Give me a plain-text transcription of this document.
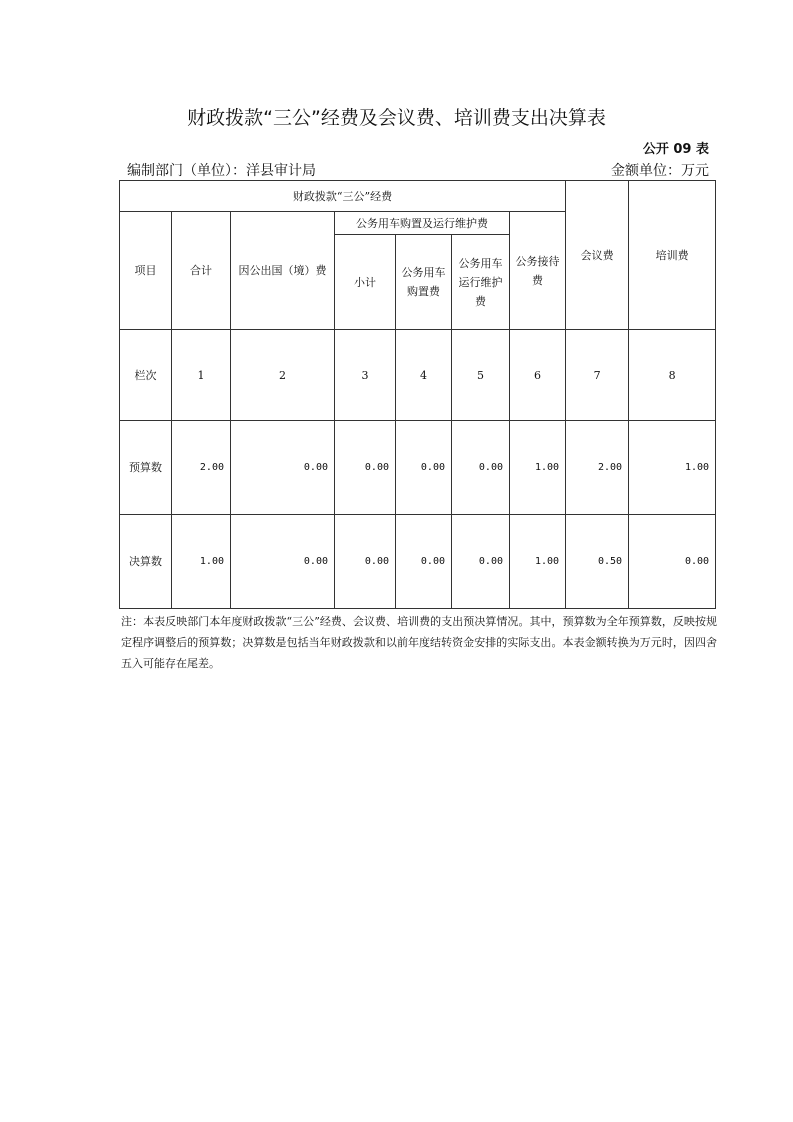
财政拨款“三公”经费及会议费、培训费支出决算表
公开 09 表
编制部门（单位）：洋县审计局	金额单位：万元
财政拨款“三公”经费							会议费	培训费
项目	合计	因公出国（境）费	公务用车购置及运行维护费			公务接待费		
			小计	公务用车购置费	公务用车运行维护费			
栏次	1	2	3	4	5	6	7	8
预算数	2.00	0.00	0.00	0.00	0.00	1.00	2.00	1.00
决算数	1.00	0.00	0.00	0.00	0.00	1.00	0.50	0.00
注：本表反映部门本年度财政拨款“三公”经费、会议费、培训费的支出预决算情况。其中，预算数为全年预算数，反映按规定程序调整后的预算数；决算数是包括当年财政拨款和以前年度结转资金安排的实际支出。本表金额转换为万元时，因四舍五入可能存在尾差。
